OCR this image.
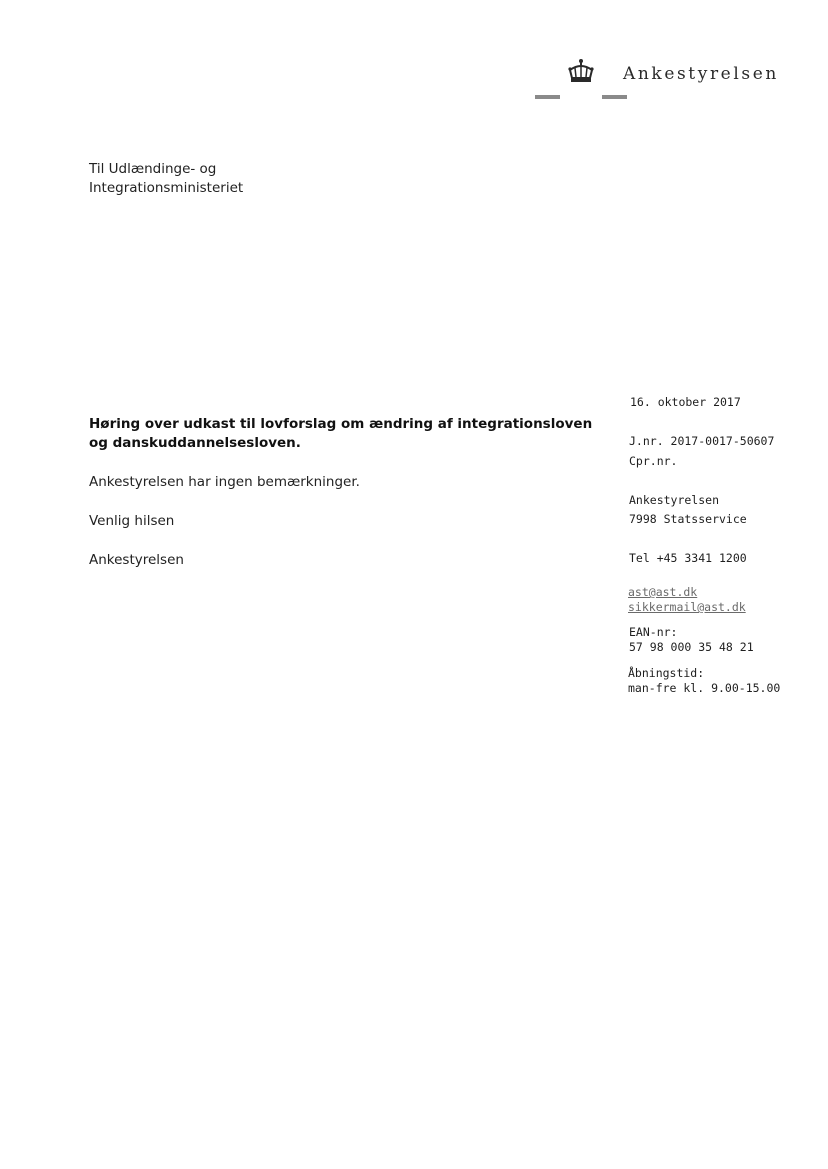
Ankestyrelsen
Til Udlændinge- og
Integrationsministeriet
Høring over udkast til lovforslag om ændring af integrationsloven
og danskuddannelsesloven.
Ankestyrelsen har ingen bemærkninger.
Venlig hilsen
Ankestyrelsen
16. oktober 2017
J.nr. 2017-0017-50607
Cpr.nr.
Ankestyrelsen
7998 Statsservice
Tel +45 3341 1200
ast@ast.dk
sikkermail@ast.dk
EAN-nr:
57 98 000 35 48 21
Åbningstid:
man-fre kl. 9.00-15.00
